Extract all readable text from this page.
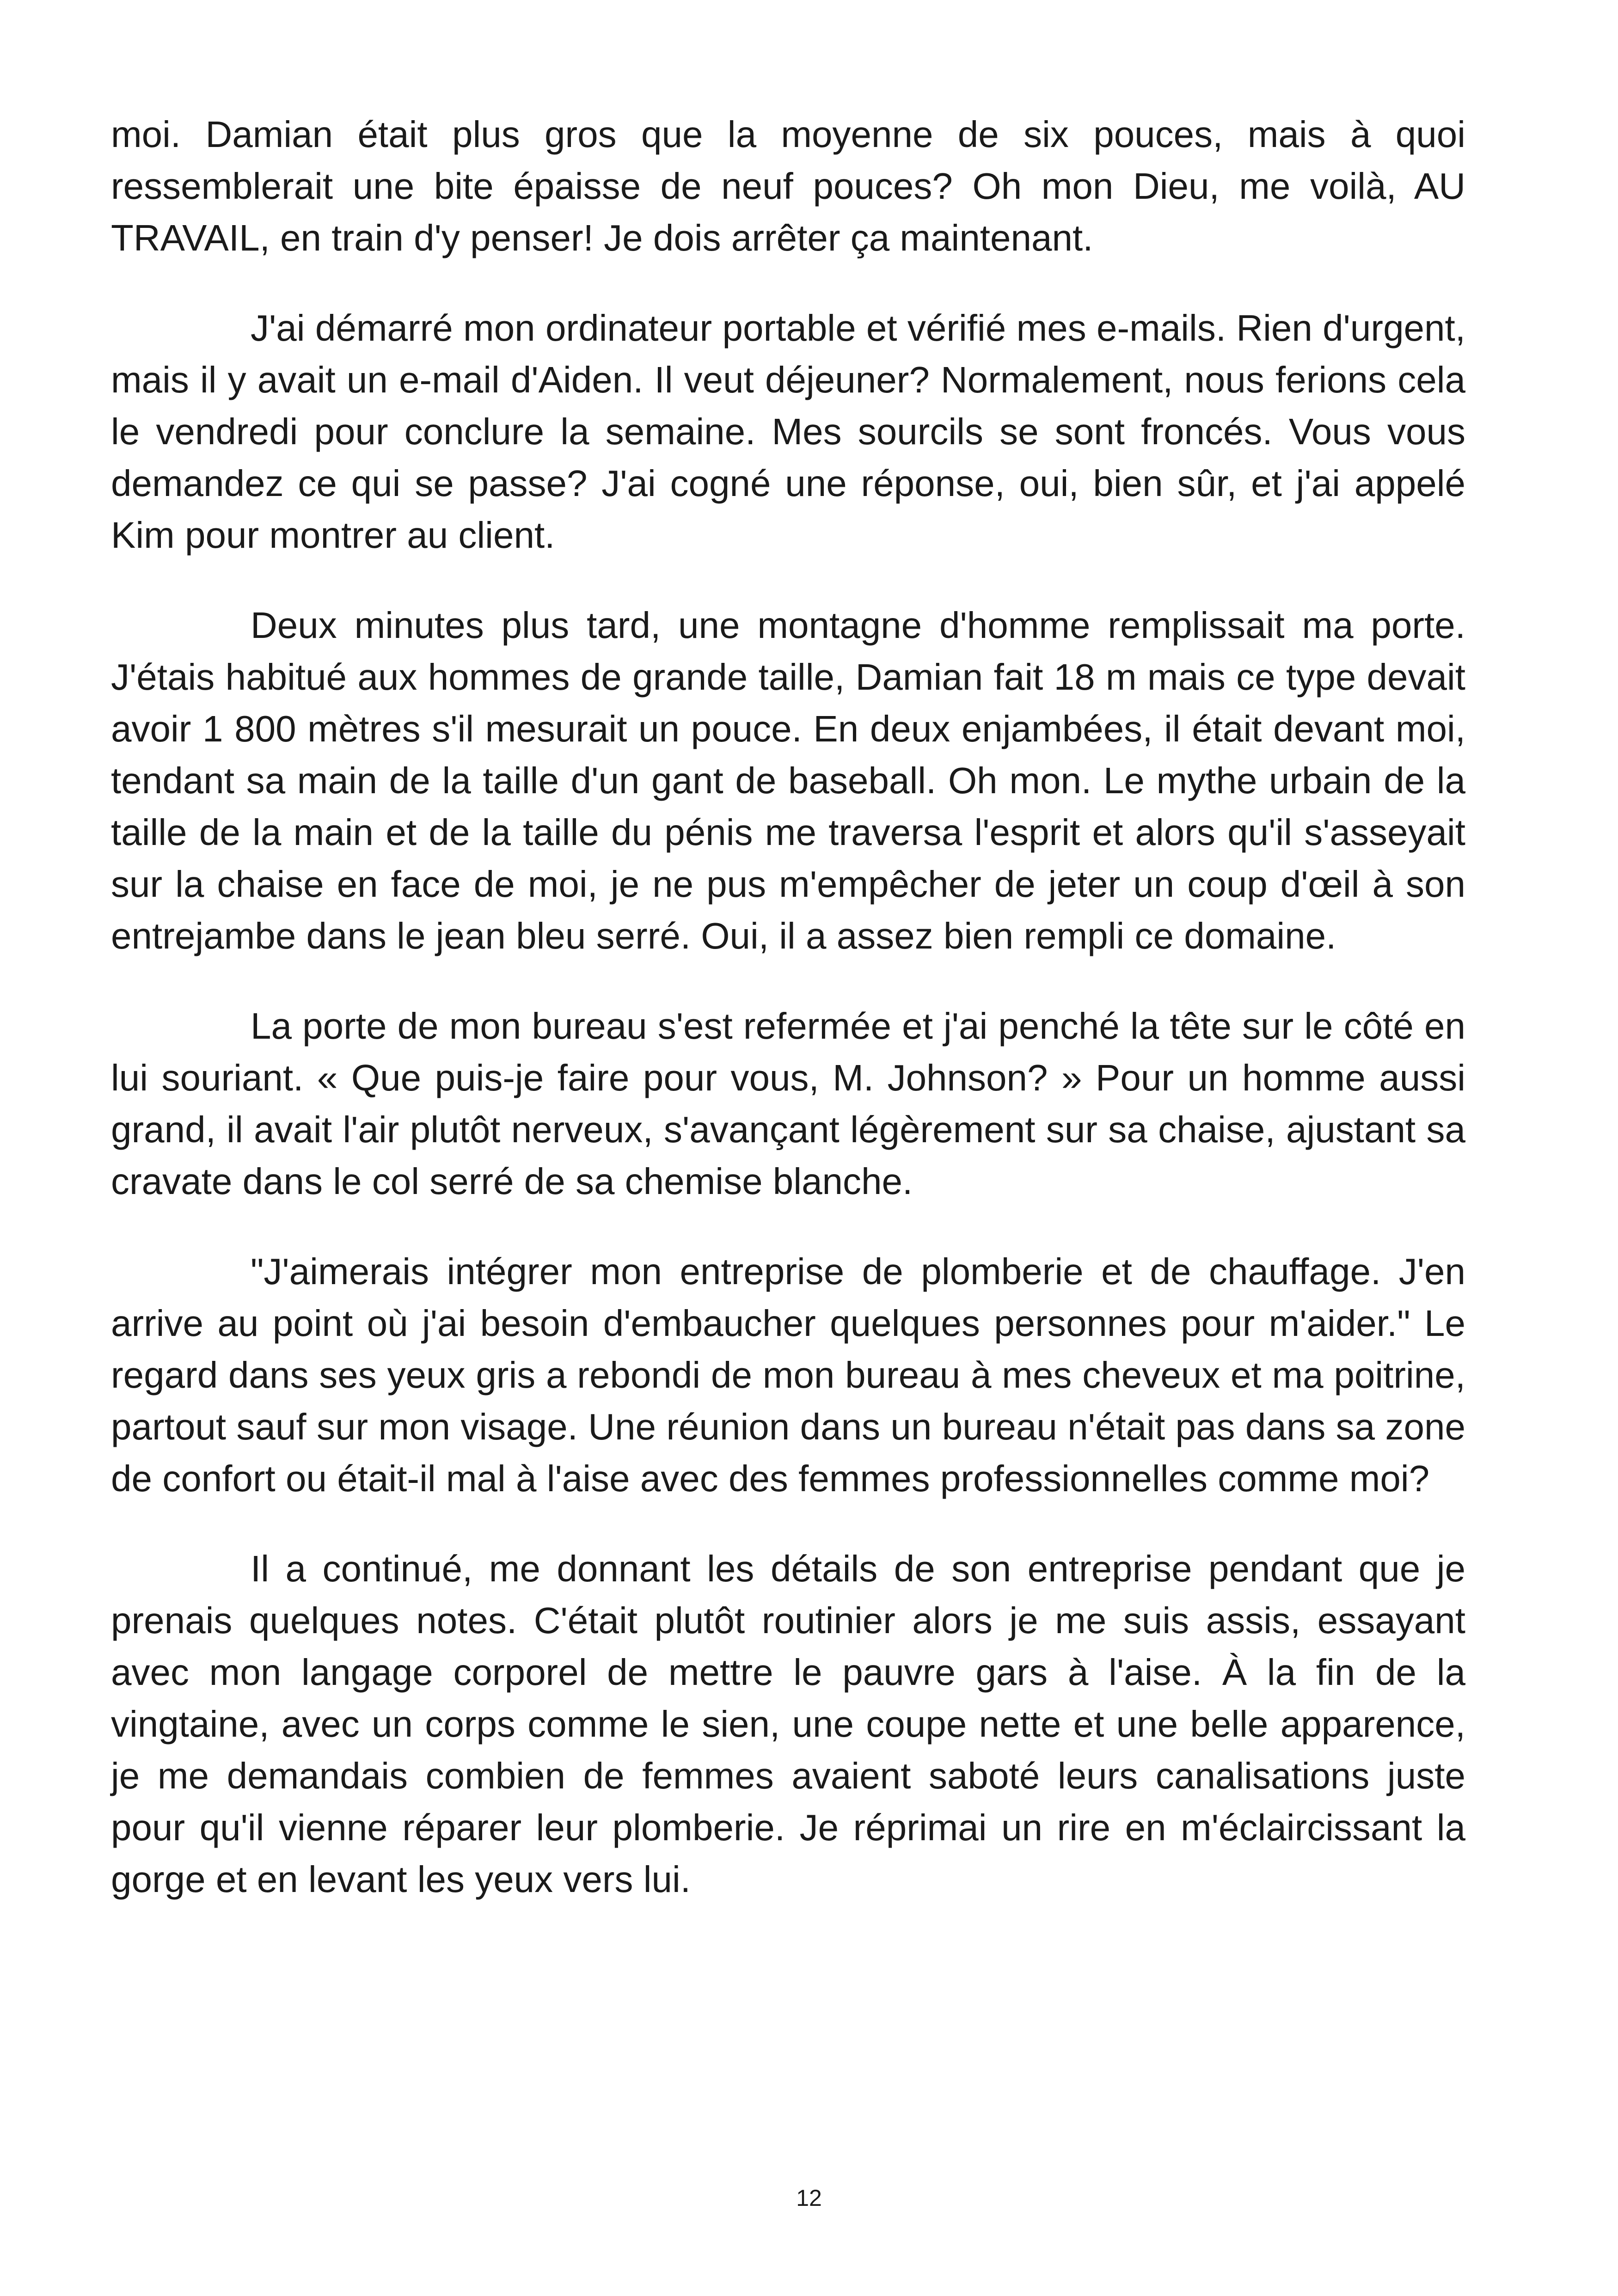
moi. Damian était plus gros que la moyenne de six pouces, mais à quoi ressemblerait une bite épaisse de neuf pouces? Oh mon Dieu, me voilà, AU TRAVAIL, en train d'y penser! Je dois arrêter ça maintenant.

J'ai démarré mon ordinateur portable et vérifié mes e-mails. Rien d'urgent, mais il y avait un e-mail d'Aiden. Il veut déjeuner? Normalement, nous ferions cela le vendredi pour conclure la semaine. Mes sourcils se sont froncés. Vous vous demandez ce qui se passe? J'ai cogné une réponse, oui, bien sûr, et j'ai appelé Kim pour montrer au client.

Deux minutes plus tard, une montagne d'homme remplissait ma porte. J'étais habitué aux hommes de grande taille, Damian fait 18 m mais ce type devait avoir 1 800 mètres s'il mesurait un pouce. En deux enjambées, il était devant moi, tendant sa main de la taille d'un gant de baseball. Oh mon. Le mythe urbain de la taille de la main et de la taille du pénis me traversa l'esprit et alors qu'il s'asseyait sur la chaise en face de moi, je ne pus m'empêcher de jeter un coup d'œil à son entrejambe dans le jean bleu serré. Oui, il a assez bien rempli ce domaine.

La porte de mon bureau s'est refermée et j'ai penché la tête sur le côté en lui souriant. « Que puis-je faire pour vous, M. Johnson? » Pour un homme aussi grand, il avait l'air plutôt nerveux, s'avançant légèrement sur sa chaise, ajustant sa cravate dans le col serré de sa chemise blanche.

"J'aimerais intégrer mon entreprise de plomberie et de chauffage. J'en arrive au point où j'ai besoin d'embaucher quelques personnes pour m'aider." Le regard dans ses yeux gris a rebondi de mon bureau à mes cheveux et ma poitrine, partout sauf sur mon visage. Une réunion dans un bureau n'était pas dans sa zone de confort ou était-il mal à l'aise avec des femmes professionnelles comme moi?

Il a continué, me donnant les détails de son entreprise pendant que je prenais quelques notes. C'était plutôt routinier alors je me suis assis, essayant avec mon langage corporel de mettre le pauvre gars à l'aise. À la fin de la vingtaine, avec un corps comme le sien, une coupe nette et une belle apparence, je me demandais combien de femmes avaient saboté leurs canalisations juste pour qu'il vienne réparer leur plomberie. Je réprimai un rire en m'éclaircissant la gorge et en levant les yeux vers lui.

12
